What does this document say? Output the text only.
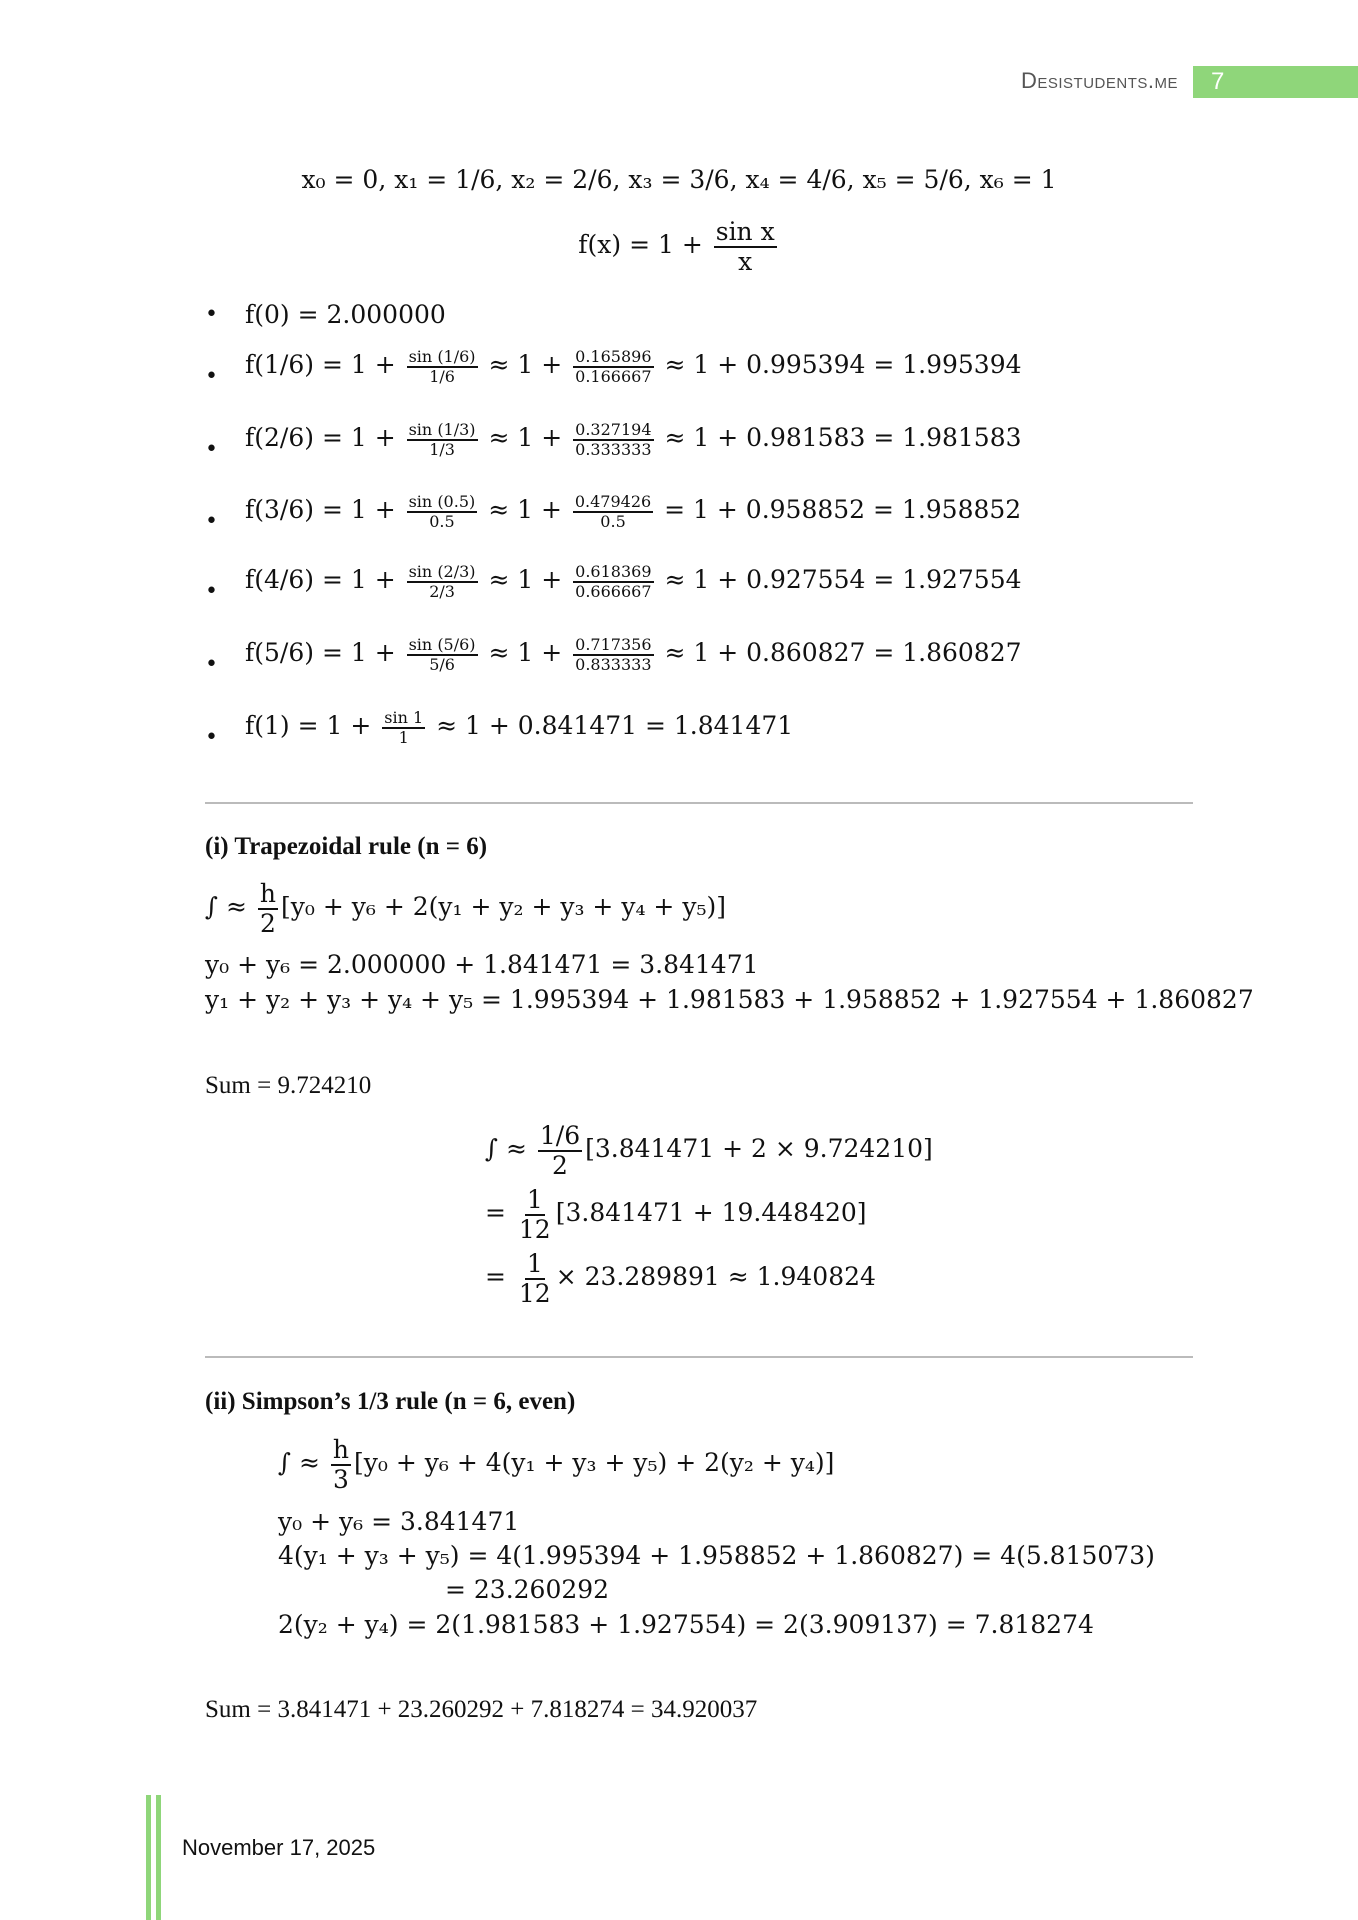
Desistudents.me	7
x₀ = 0, x₁ = 1/6, x₂ = 2/6, x₃ = 3/6, x₄ = 4/6, x₅ = 5/6, x₆ = 1
$f(x) = 1 + \frac{\text{sin x}}{x}$
• f(0) = 2.000000
• $f(1/6) = 1 + \frac{\sin (1/6)}{1/6} \approx 1 + \frac{0.165896}{0.166667} \approx 1 + 0.995394 = 1.995394$
• $f(2/6) = 1 + \frac{\sin (1/3)}{1/3} \approx 1 + \frac{0.327194}{0.333333} \approx 1 + 0.981583 = 1.981583$
• $f(3/6) = 1 + \frac{\sin (0.5)}{0.5} \approx 1 + \frac{0.479426}{0.5} = 1 + 0.958852 = 1.958852$
• $f(4/6) = 1 + \frac{\sin (2/3)}{2/3} \approx 1 + \frac{0.618369}{0.666667} \approx 1 + 0.927554 = 1.927554$
• $f(5/6) = 1 + \frac{\sin (5/6)}{5/6} \approx 1 + \frac{0.717356}{0.833333} \approx 1 + 0.860827 = 1.860827$
• $f(1) = 1 + \frac{\sin 1}{1} \approx 1 + 0.841471 = 1.841471$
(i) Trapezoidal rule (n = 6)
∫ ≈ $\frac{h}{2} [y_0 + y_6 + 2(y_1 + y_2 + y_3 + y_4 + y_5)]$
y₀ + y₆ = 2.000000 + 1.841471 = 3.841471
y₁ + y₂ + y₃ + y₄ + y₅ = 1.995394 + 1.981583 + 1.958852 + 1.927554 + 1.860827
Sum = 9.724210
∫ ≈ $\frac{1/6}{2} [3.841471 + 2 \times 9.724210]$
= $\frac{1}{12} [3.841471 + 19.448420]$
= $\frac{1}{12} \times 23.289891 \approx 1.940824$
(ii) Simpson’s 1/3 rule (n = 6, even)
∫ ≈ $\frac{h}{3} [y_0 + y_6 + 4(y_1 + y_3 + y_5) + 2(y_2 + y_4)]$
y₀ + y₆ = 3.841471
4(y₁ + y₃ + y₅) = 4(1.995394 + 1.958852 + 1.860827) = 4(5.815073)
= 23.260292
2(y₂ + y₄) = 2(1.981583 + 1.927554) = 2(3.909137) = 7.818274
Sum = 3.841471 + 23.260292 + 7.818274 = 34.920037
November 17, 2025
